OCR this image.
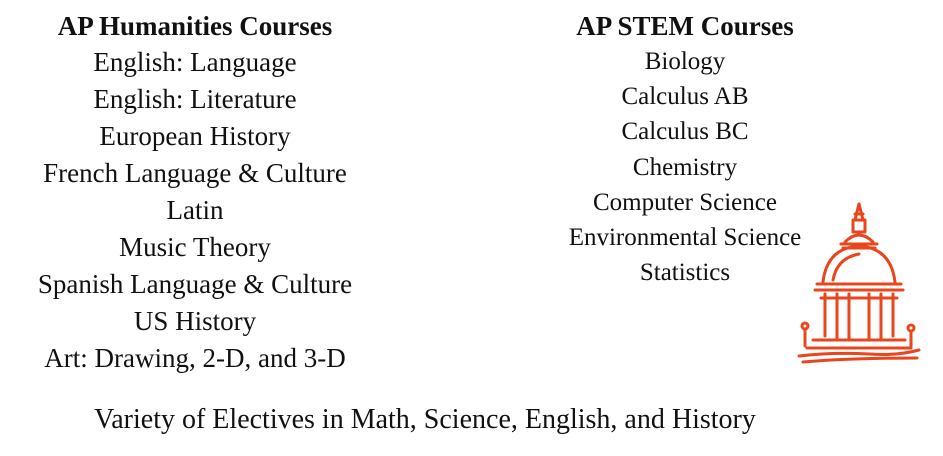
AP Humanities Courses
English: Language
English: Literature
European History
French Language & Culture
Latin
Music Theory
Spanish Language & Culture
US History
Art: Drawing, 2-D, and 3-D
AP STEM Courses
Biology
Calculus AB
Calculus BC
Chemistry
Computer Science
Environmental Science
Statistics
Variety of Electives in Math, Science, English, and History
